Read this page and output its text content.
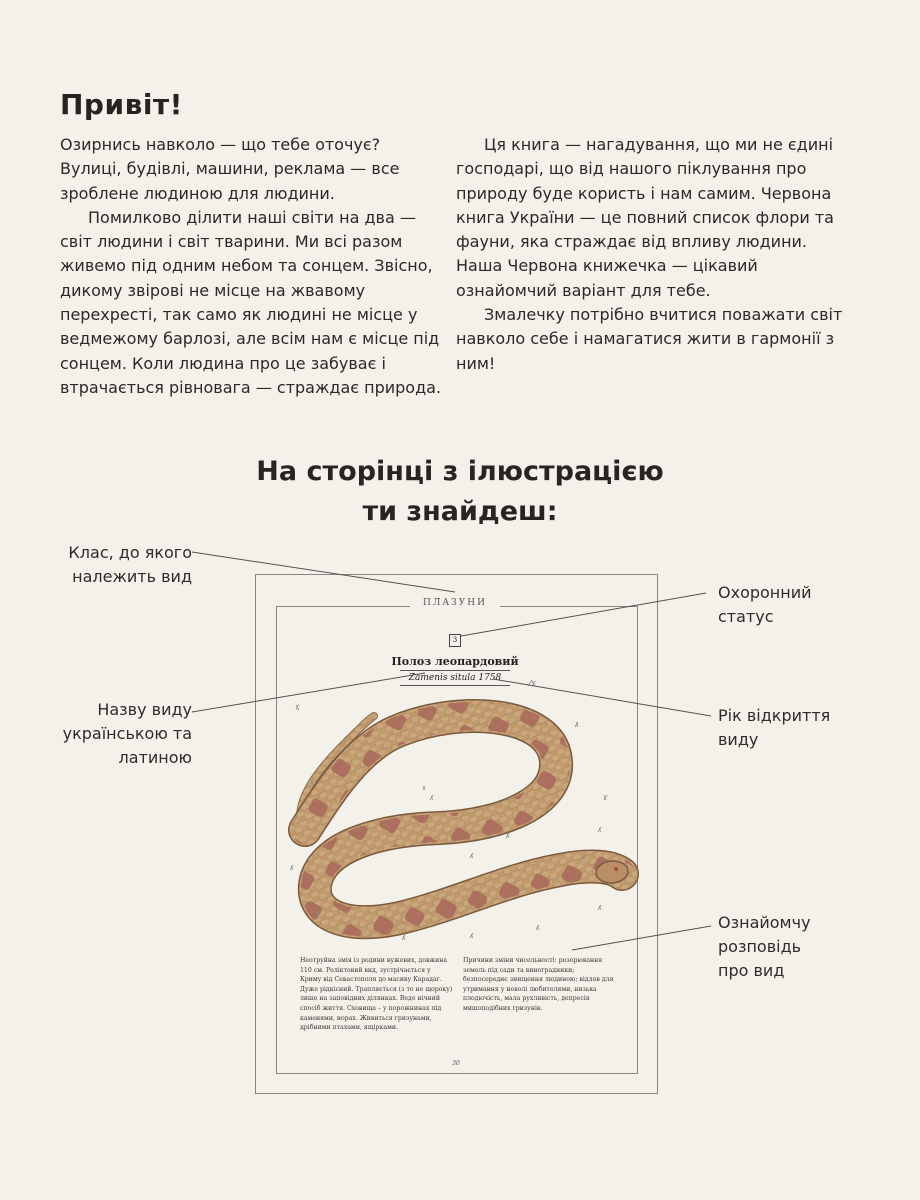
Привіт!

Озирнись навколо — що тебе оточує? Вулиці, будівлі, машини, реклама — все зроблене людиною для людини.

Помилково ділити наші світи на два — світ людини і світ тварини. Ми всі разом живемо під одним небом та сонцем. Звісно, дикому звірові не місце на жвавому перехресті, так само як людині не місце у ведмежому барлозі, але всім нам є місце під сонцем. Коли людина про це забуває і втрачається рівновага — страждає природа.

Ця книга — нагадування, що ми не єдині господарі, що від нашого піклування про природу буде користь і нам самим. Червона книга України — це повний список флори та фауни, яка страждає від впливу людини. Наша Червона книжечка — цікавий ознайомчий варіант для тебе.

Змалечку потрібно вчитися поважати світ навколо себе і намагатися жити в гармонії з ним!

На сторінці з ілюстрацією
ти знайдеш:
ПЛАЗУНИ
3
Полоз леопардовий
Zamenis situla 1758
Неотруйна змія із родини вужевих, довжина 110 см. Реліктовий вид, зустрічається у Криму від Севастополя до масиву Карадаг. Дуже рідкісний. Трапляється (з те не щороку) лише на заповідних ділянках. Веде нічний спосіб життя. Сховища – у порожнинах під каменями, норах. Живиться гризунами, дрібними птахами, ящірками.
Причини зміни чисельності: розорювання земель під сади та виноградники; безпосереднє знищення людиною; відлов для утримання у неволі любителями, низька плодючість, мала рухливість, депресія мишоподібних гризунів.
30
Клас, до якого належить вид
Назву виду українською та латиною
Охоронний статус
Рік відкриття виду
Ознайомчу розповідь про вид
